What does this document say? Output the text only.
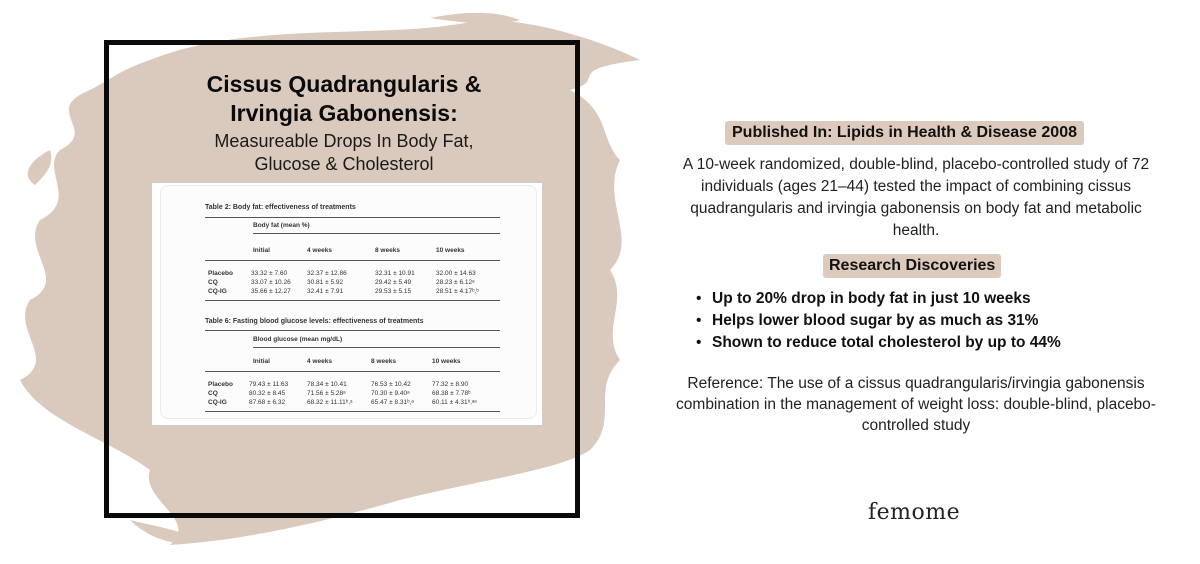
Cissus Quadrangularis &
Irvingia Gabonensis:
Measureable Drops In Body Fat,
Glucose & Cholesterol
Table 2: Body fat: effectiveness of treatments
Body fat (mean %)
Initial	4 weeks	8 weeks	10 weeks
Placebo	33.32 ± 7.60	32.37 ± 12.86	32.31 ± 10.91	32.00 ± 14.63
CQ	33.07 ± 10.26	30.81 ± 5.92	29.42 ± 5.49	28.23 ± 6.12ᵃ
CQ-IG	35.66 ± 12.27	32.41 ± 7.91	29.53 ± 5.15	28.51 ± 4.17ᵇ,ᵇ
Table 6: Fasting blood glucose levels: effectiveness of treatments
Blood glucose (mean mg/dL)
Initial	4 weeks	8 weeks	10 weeks
Placebo 79.43 ± 11.63	78.34 ± 10.41	76.53 ± 10.42	77.32 ± 8.90
CQ	80.32 ± 8.45	71.56 ± 5.28ᵃ	70.30 ± 9.40ᵃ	68.38 ± 7.78ᵇ
CQ-IG	87.68 ± 6.32	68.32 ± 11.11ᵇ,ᵃ	65.47 ± 8.31ᵇ,ᵃ	60.11 ± 4.31ᵇ,ᵃᵃ
Published In: Lipids in Health & Disease 2008
A 10-week randomized, double-blind, placebo-controlled study of 72 individuals (ages 21–44) tested the impact of combining cissus quadrangularis and irvingia gabonensis on body fat and metabolic health.
Research Discoveries
• Up to 20% drop in body fat in just 10 weeks
• Helps lower blood sugar by as much as 31%
• Shown to reduce total cholesterol by up to 44%
Reference: The use of a cissus quadrangularis/irvingia gabonensis combination in the management of weight loss: double-blind, placebo-controlled study
femome
